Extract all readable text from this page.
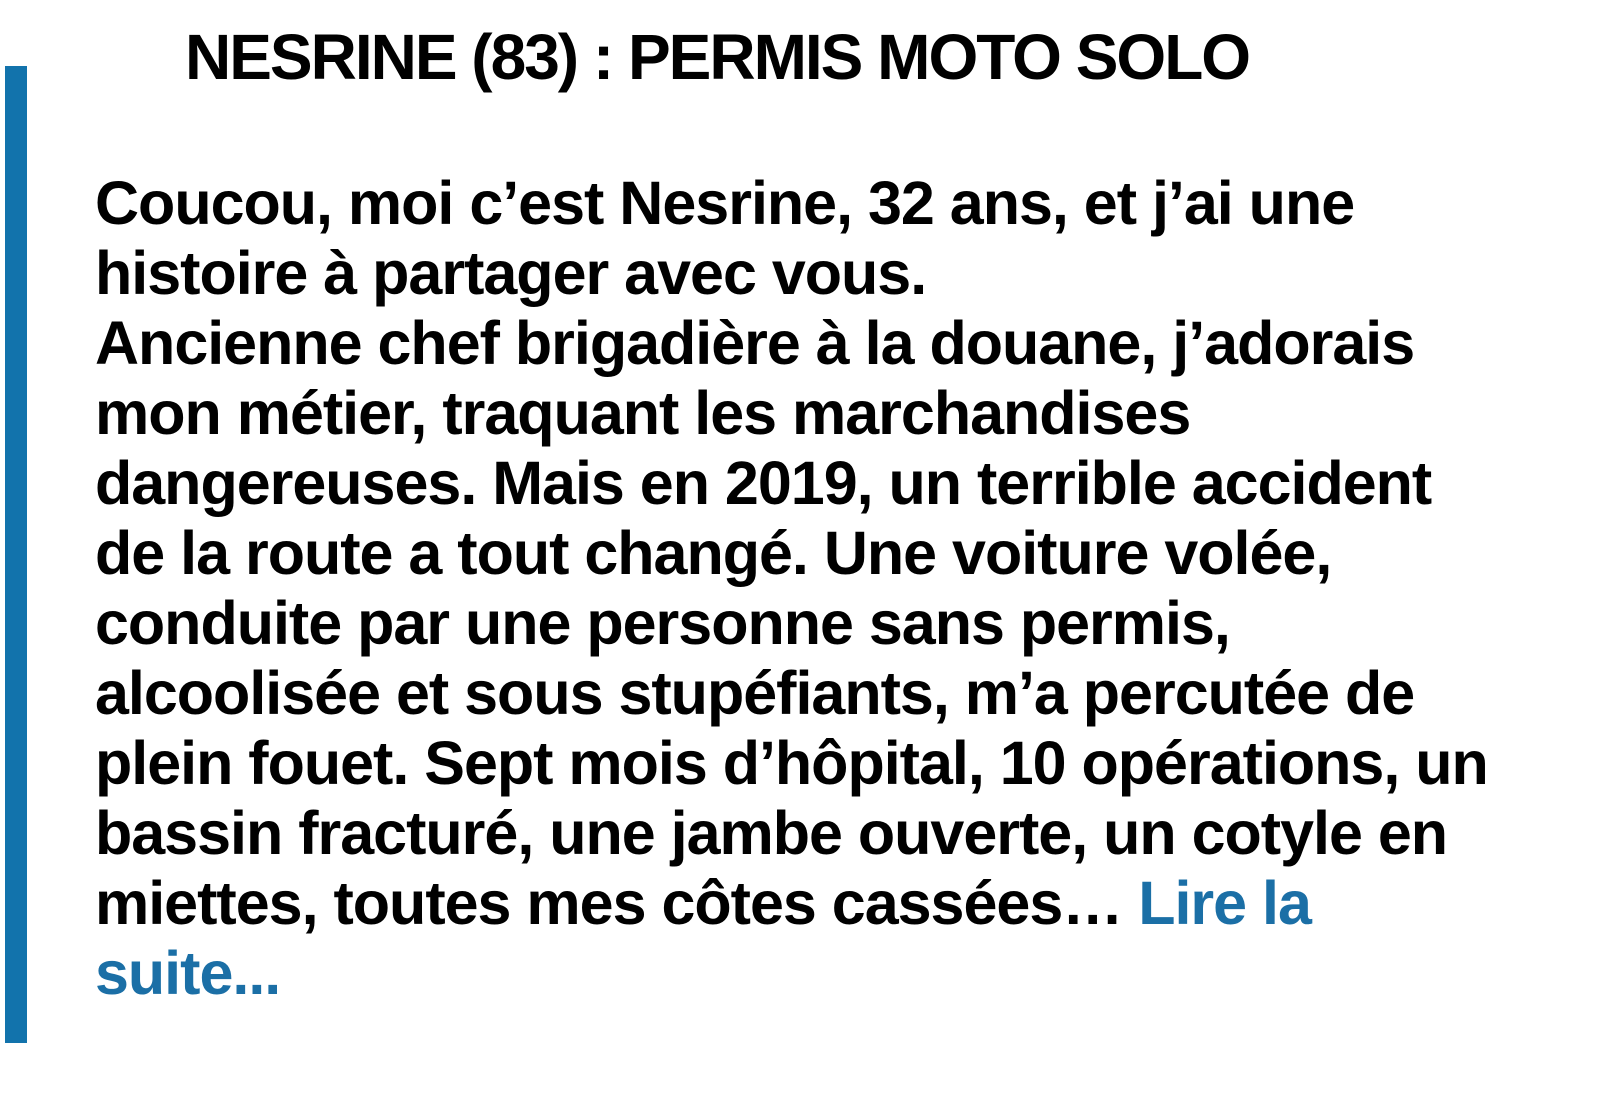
NESRINE (83) : PERMIS MOTO SOLO
Coucou, moi c’est Nesrine, 32 ans, et j’ai une
histoire à partager avec vous.
Ancienne chef brigadière à la douane, j’adorais
mon métier, traquant les marchandises
dangereuses. Mais en 2019, un terrible accident
de la route a tout changé. Une voiture volée,
conduite par une personne sans permis,
alcoolisée et sous stupéfiants, m’a percutée de
plein fouet. Sept mois d’hôpital, 10 opérations, un
bassin fracturé, une jambe ouverte, un cotyle en
miettes, toutes mes côtes cassées… Lire la
suite...
